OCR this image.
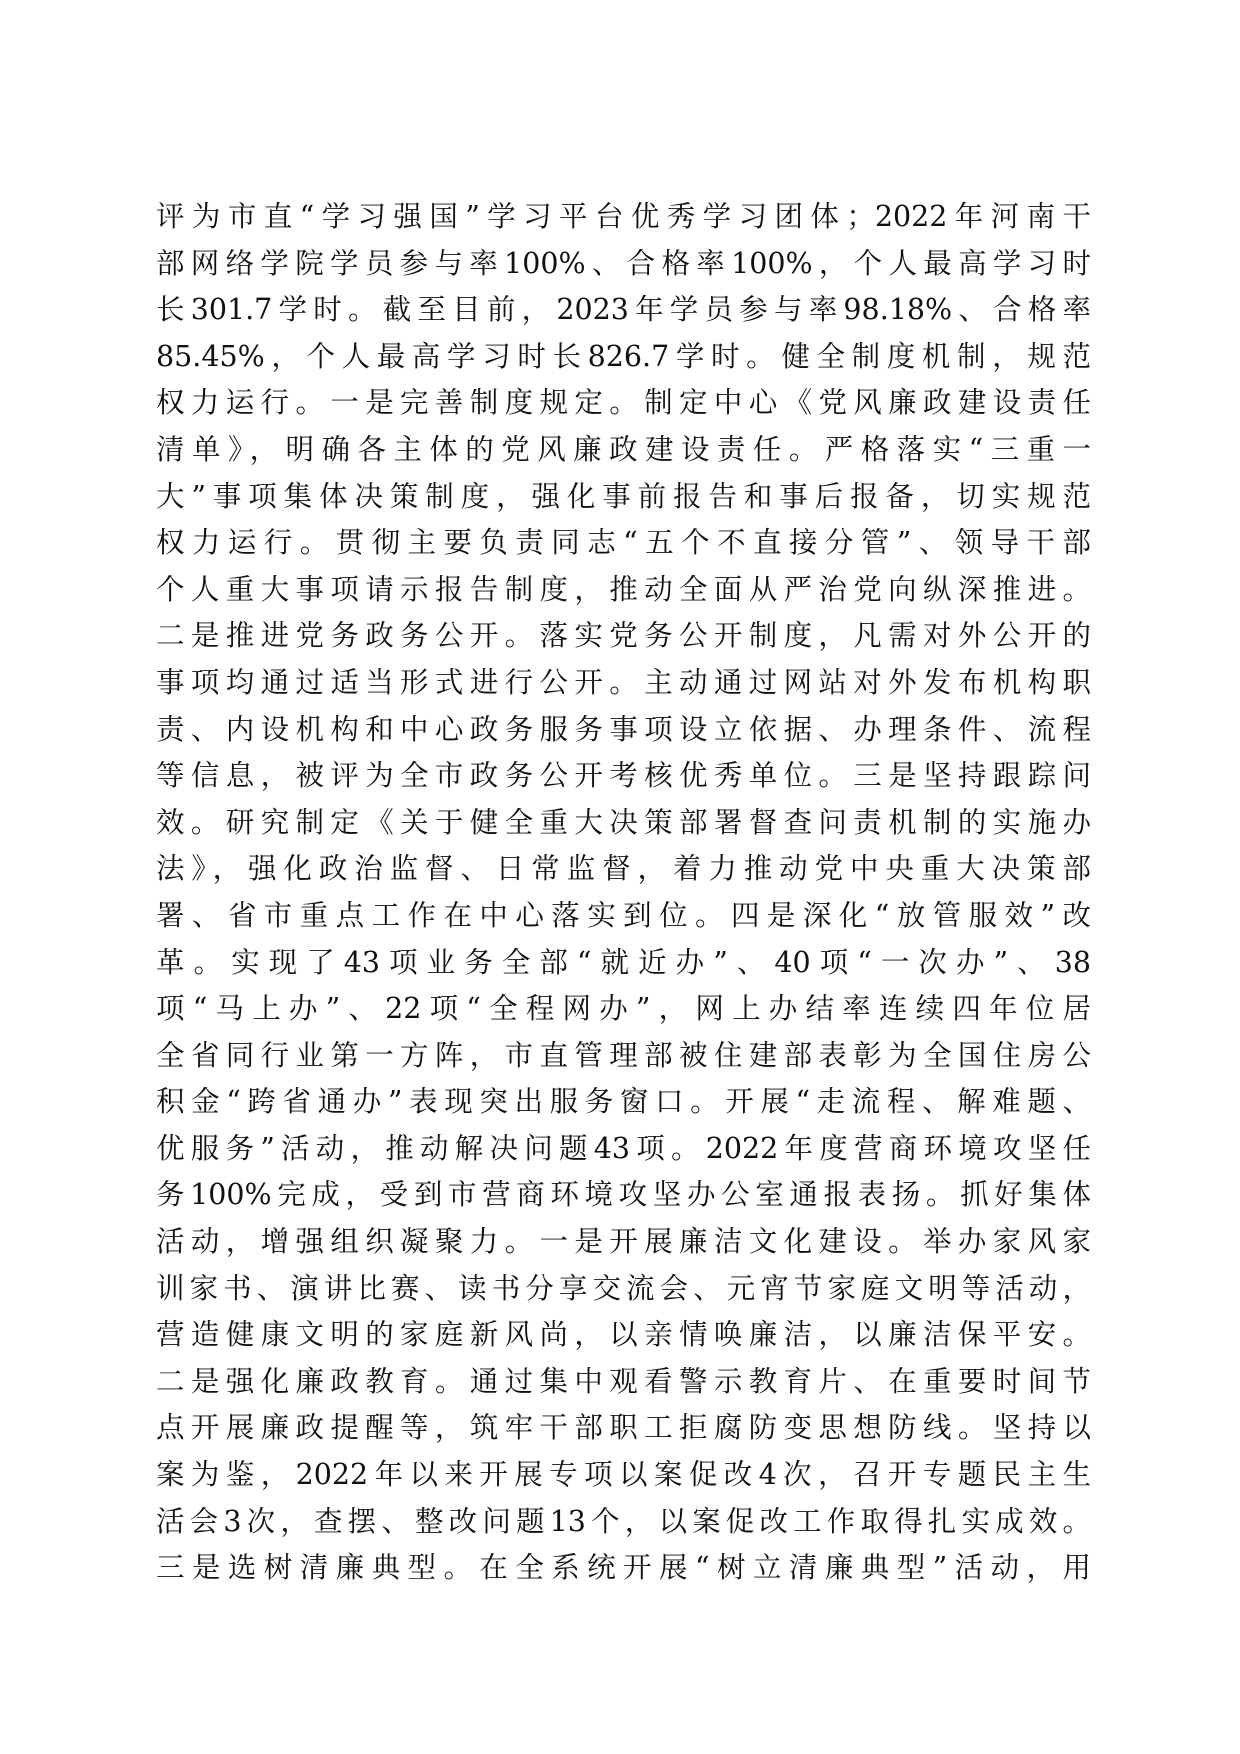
评为市直“学习强国”学习平台优秀学习团体；2022年河南干
部网络学院学员参与率100%、合格率100%，个人最高学习时
长301.7学时。截至目前，2023年学员参与率98.18%、合格率
85.45%，个人最高学习时长826.7学时。健全制度机制，规范
权力运行。一是完善制度规定。制定中心《党风廉政建设责任
清单》，明确各主体的党风廉政建设责任。严格落实“三重一
大”事项集体决策制度，强化事前报告和事后报备，切实规范
权力运行。贯彻主要负责同志“五个不直接分管”、领导干部
个人重大事项请示报告制度，推动全面从严治党向纵深推进。
二是推进党务政务公开。落实党务公开制度，凡需对外公开的
事项均通过适当形式进行公开。主动通过网站对外发布机构职
责、内设机构和中心政务服务事项设立依据、办理条件、流程
等信息，被评为全市政务公开考核优秀单位。三是坚持跟踪问
效。研究制定《关于健全重大决策部署督查问责机制的实施办
法》，强化政治监督、日常监督，着力推动党中央重大决策部
署、省市重点工作在中心落实到位。四是深化“放管服效”改
革。实现了43项业务全部“就近办”、40项“一次办”、38
项“马上办”、22项“全程网办”，网上办结率连续四年位居
全省同行业第一方阵，市直管理部被住建部表彰为全国住房公
积金“跨省通办”表现突出服务窗口。开展“走流程、解难题、
优服务”活动，推动解决问题43项。2022年度营商环境攻坚任
务100%完成，受到市营商环境攻坚办公室通报表扬。抓好集体
活动，增强组织凝聚力。一是开展廉洁文化建设。举办家风家
训家书、演讲比赛、读书分享交流会、元宵节家庭文明等活动，
营造健康文明的家庭新风尚，以亲情唤廉洁，以廉洁保平安。
二是强化廉政教育。通过集中观看警示教育片、在重要时间节
点开展廉政提醒等，筑牢干部职工拒腐防变思想防线。坚持以
案为鉴，2022年以来开展专项以案促改4次，召开专题民主生
活会3次，查摆、整改问题13个，以案促改工作取得扎实成效。
三是选树清廉典型。在全系统开展“树立清廉典型”活动，用
